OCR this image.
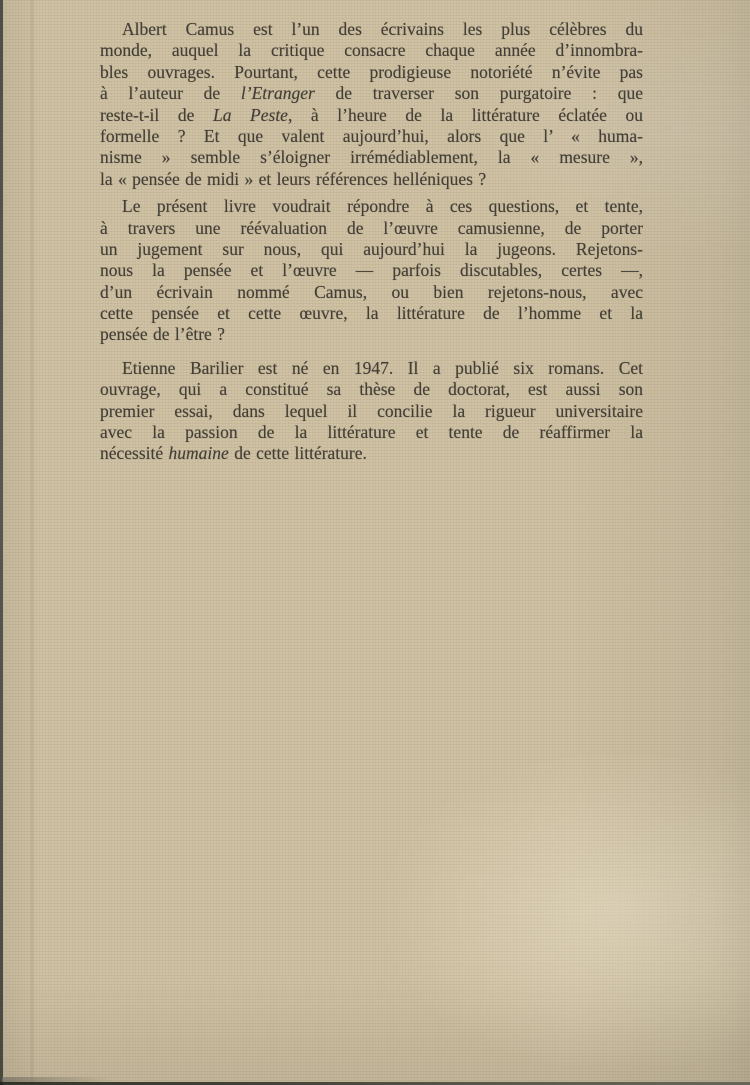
Albert Camus est l’un des écrivains les plus célèbres du
monde, auquel la critique consacre chaque année d’innombra-
bles ouvrages. Pourtant, cette prodigieuse notoriété n’évite pas
à l’auteur de l’Etranger de traverser son purgatoire : que
reste-t-il de La Peste, à l’heure de la littérature éclatée ou
formelle ? Et que valent aujourd’hui, alors que l’ « huma-
nisme » semble s’éloigner irrémédiablement, la « mesure »,
la « pensée de midi » et leurs références helléniques ?

Le présent livre voudrait répondre à ces questions, et tente,
à travers une réévaluation de l’œuvre camusienne, de porter
un jugement sur nous, qui aujourd’hui la jugeons. Rejetons-
nous la pensée et l’œuvre — parfois discutables, certes —,
d’un écrivain nommé Camus, ou bien rejetons-nous, avec
cette pensée et cette œuvre, la littérature de l’homme et la
pensée de l’être ?

Etienne Barilier est né en 1947. Il a publié six romans. Cet
ouvrage, qui a constitué sa thèse de doctorat, est aussi son
premier essai, dans lequel il concilie la rigueur universitaire
avec la passion de la littérature et tente de réaffirmer la
nécessité humaine de cette littérature.
